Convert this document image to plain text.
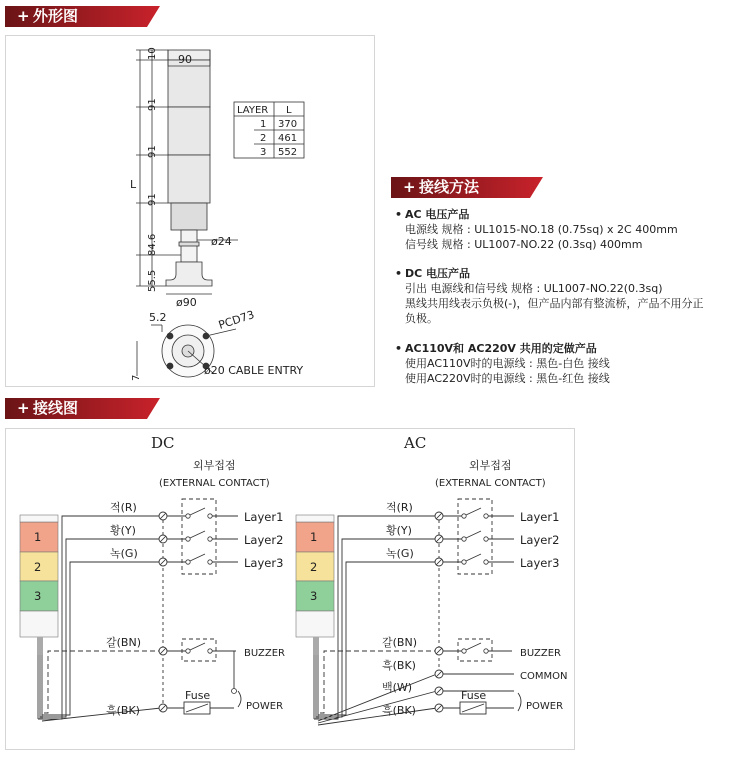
+ 外形图
90
10
91
91
91
84.6
55.5
L
ø24
ø90
5.2	PCD73
7
ø20 CABLE ENTRY
LAYER L
1 370
2 461
3 552
+ 接线方法
• AC 电压产品
电源线 规格 : UL1015-NO.18 (0.75sq) x 2C 400mm
信号线 规格 : UL1007-NO.22 (0.3sq) 400mm
• DC 电压产品
引出 电源线和信号线 规格 : UL1007-NO.22(0.3sq)
黑线共用线表示负极(-)，但产品内部有整流桥，产品不用分正
负极。
• AC110V和 AC220V 共用的定做产品
使用AC110V时的电源线 : 黑色-白色 接线
使用AC220V时的电源线 : 黑色-红色 接线
+ 接线图
DC
외부접점
(EXTERNAL CONTACT)
1
2
3
적(R)
황(Y)
녹(G)
갈(BN)
흑(BK)
Layer1
Layer2
Layer3
BUZZER
POWER
Fuse
AC
외부접점
(EXTERNAL CONTACT)
1
2
3
적(R)
황(Y)
녹(G)
갈(BN)
흑(BK)
백(W)
흑(BK)
Layer1
Layer2
Layer3
BUZZER
COMMON
POWER
Fuse
